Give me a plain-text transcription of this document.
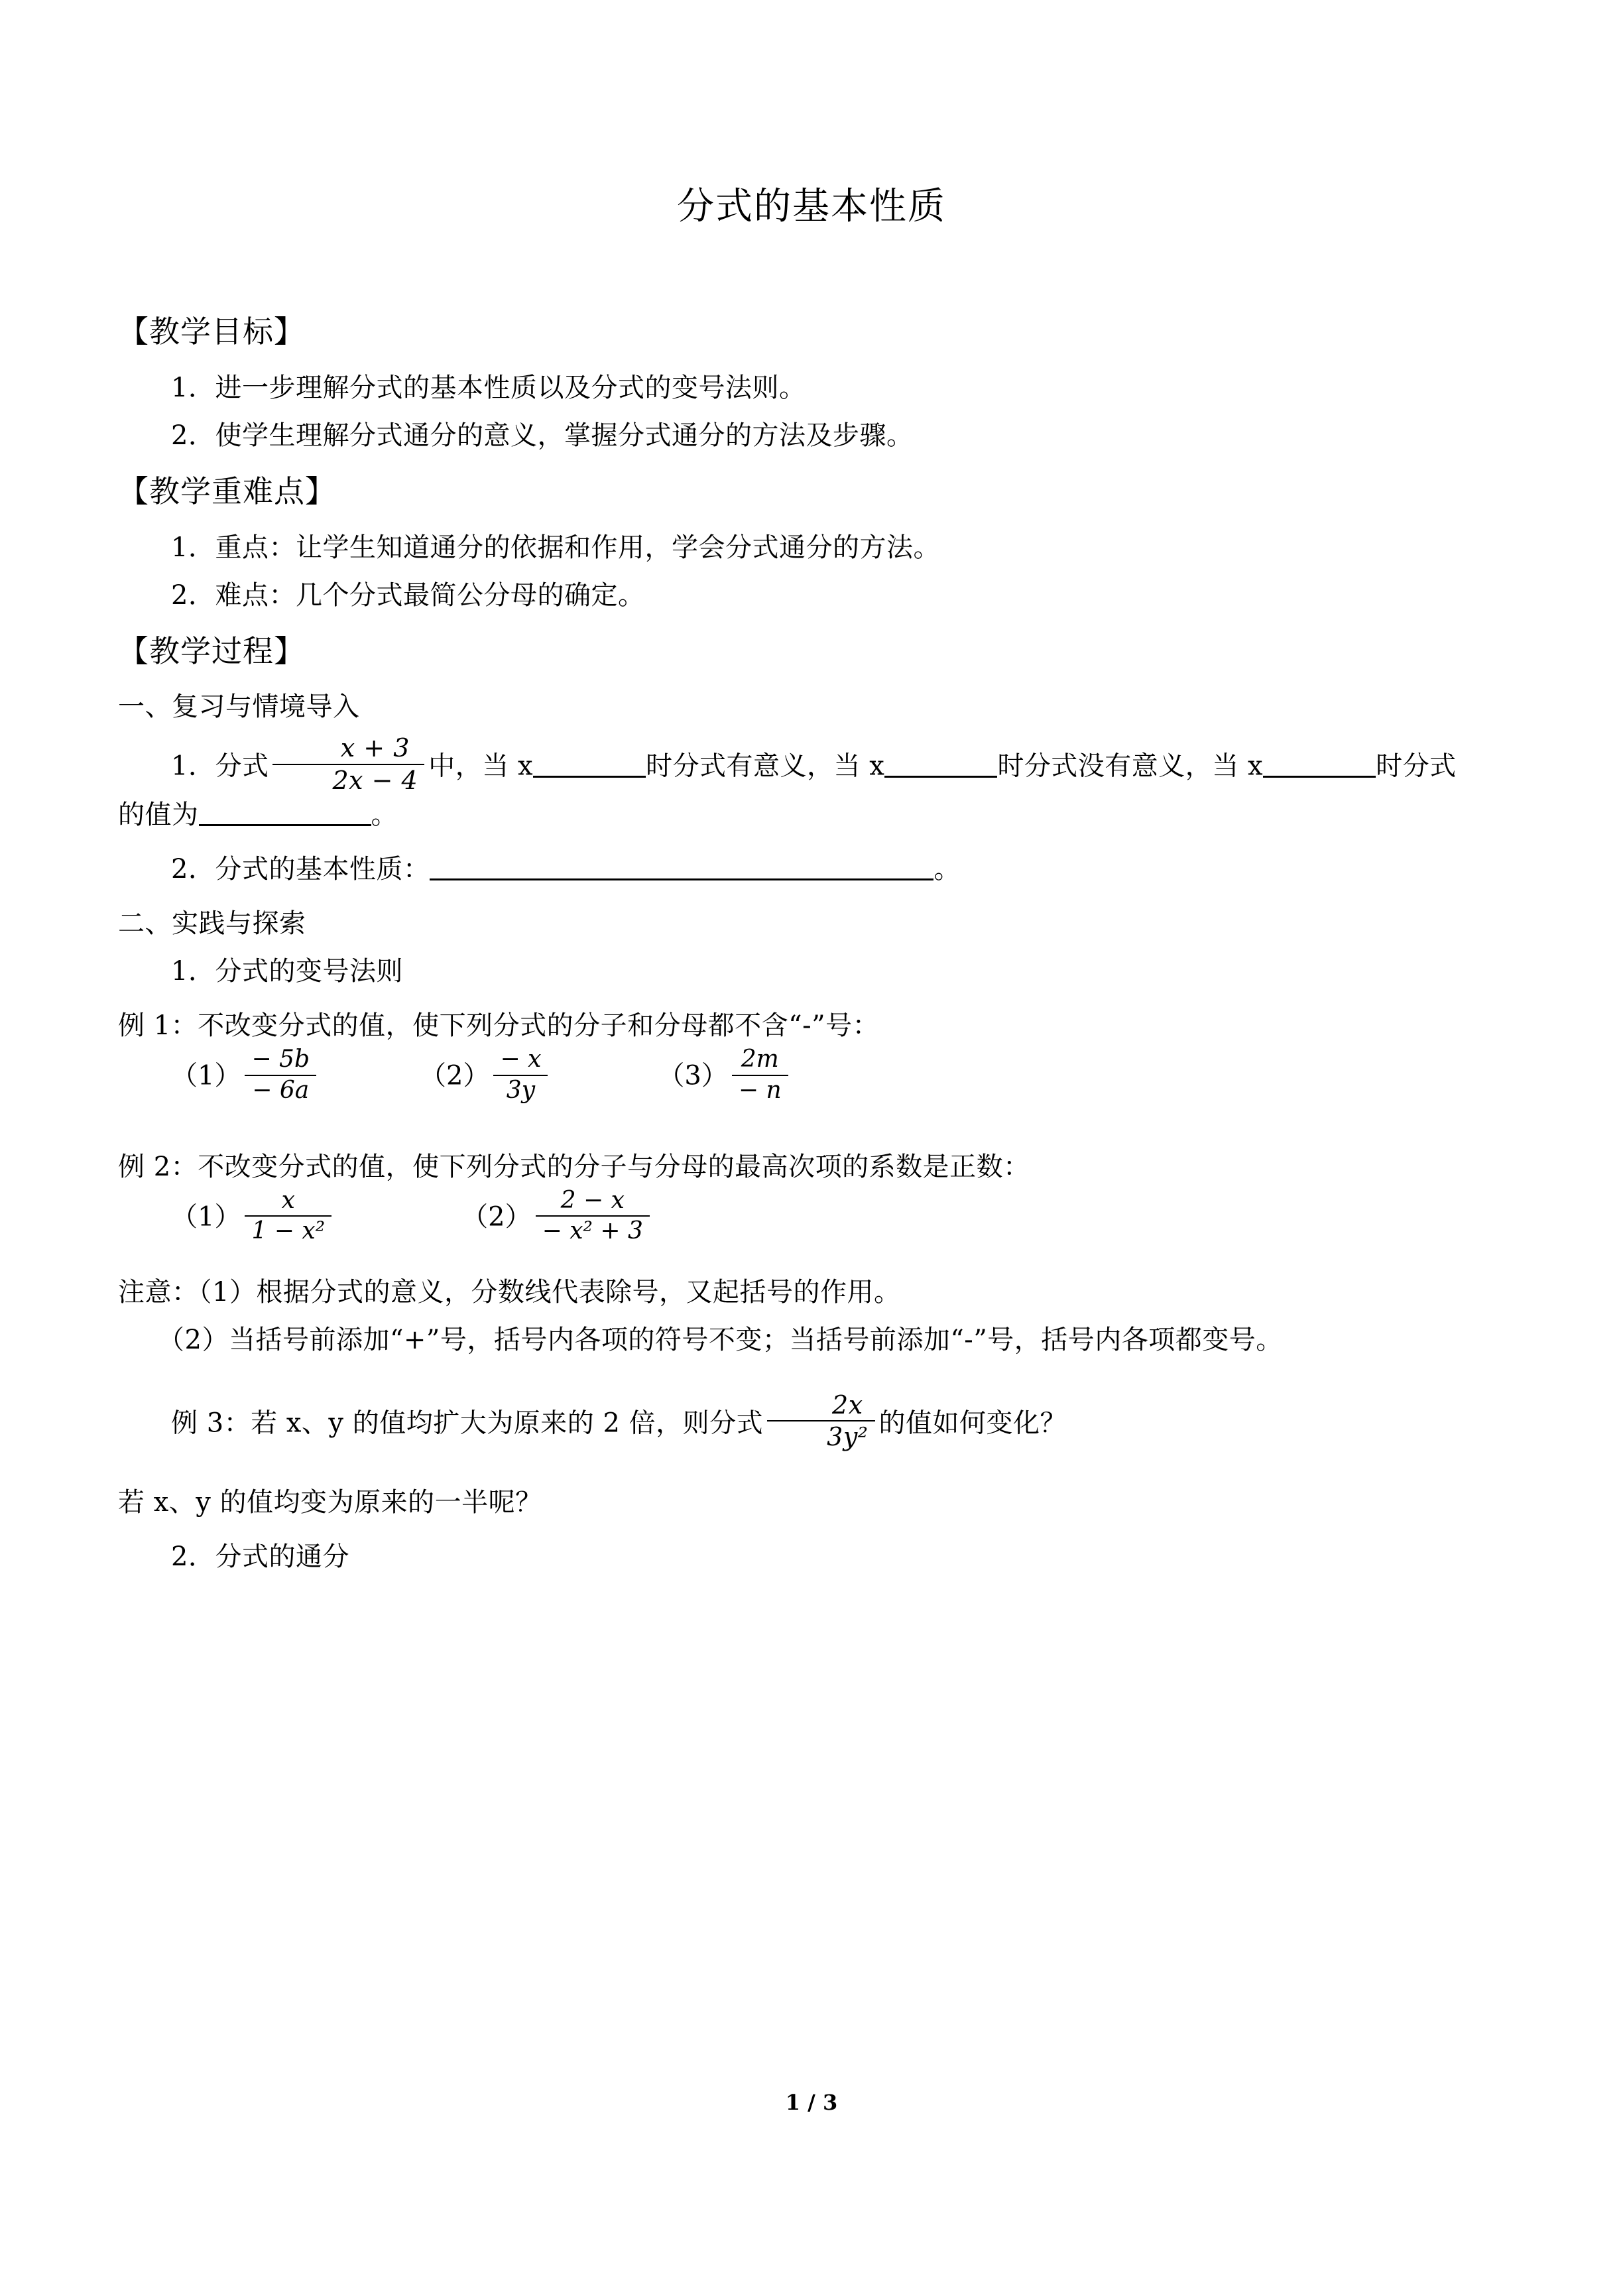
分式的基本性质
【教学目标】
1．进一步理解分式的基本性质以及分式的变号法则。
2．使学生理解分式通分的意义，掌握分式通分的方法及步骤。
【教学重难点】
1．重点：让学生知道通分的依据和作用，学会分式通分的方法。
2．难点：几个分式最简公分母的确定。
【教学过程】
一、复习与情境导入
1．分式 $\frac{x + 3}{2x - 4}$ 中，当 x	时分式有意义，当 x	时分式没有意义，当 x	时分式
的值为	。
2．分式的基本性质：	。
二、实践与探索
1．分式的变号法则
例 1：不改变分式的值，使下列分式的分子和分母都不含“-”号：
$(1) \frac{- 5b}{- 6a}$	$(2) \frac{- x}{3y}$	$(3) \frac{2m}{- n}$
例 2：不改变分式的值，使下列分式的分子与分母的最高次项的系数是正数：
$(1) \frac{x}{\text{1 − x²}}$	$(2) \frac{2 - x}{\text{− x² + 3}}$
注意：（1）根据分式的意义，分数线代表除号，又起括号的作用。
（2）当括号前添加“+”号，括号内各项的符号不变；当括号前添加“-”号，括号内各项都变号。
例 3：若 x、y 的值均扩大为原来的 2 倍，则分式 $\frac{2x}{\text{3y²}}$ 的值如何变化？
若 x、y 的值均变为原来的一半呢？
2．分式的通分
1 / 3
